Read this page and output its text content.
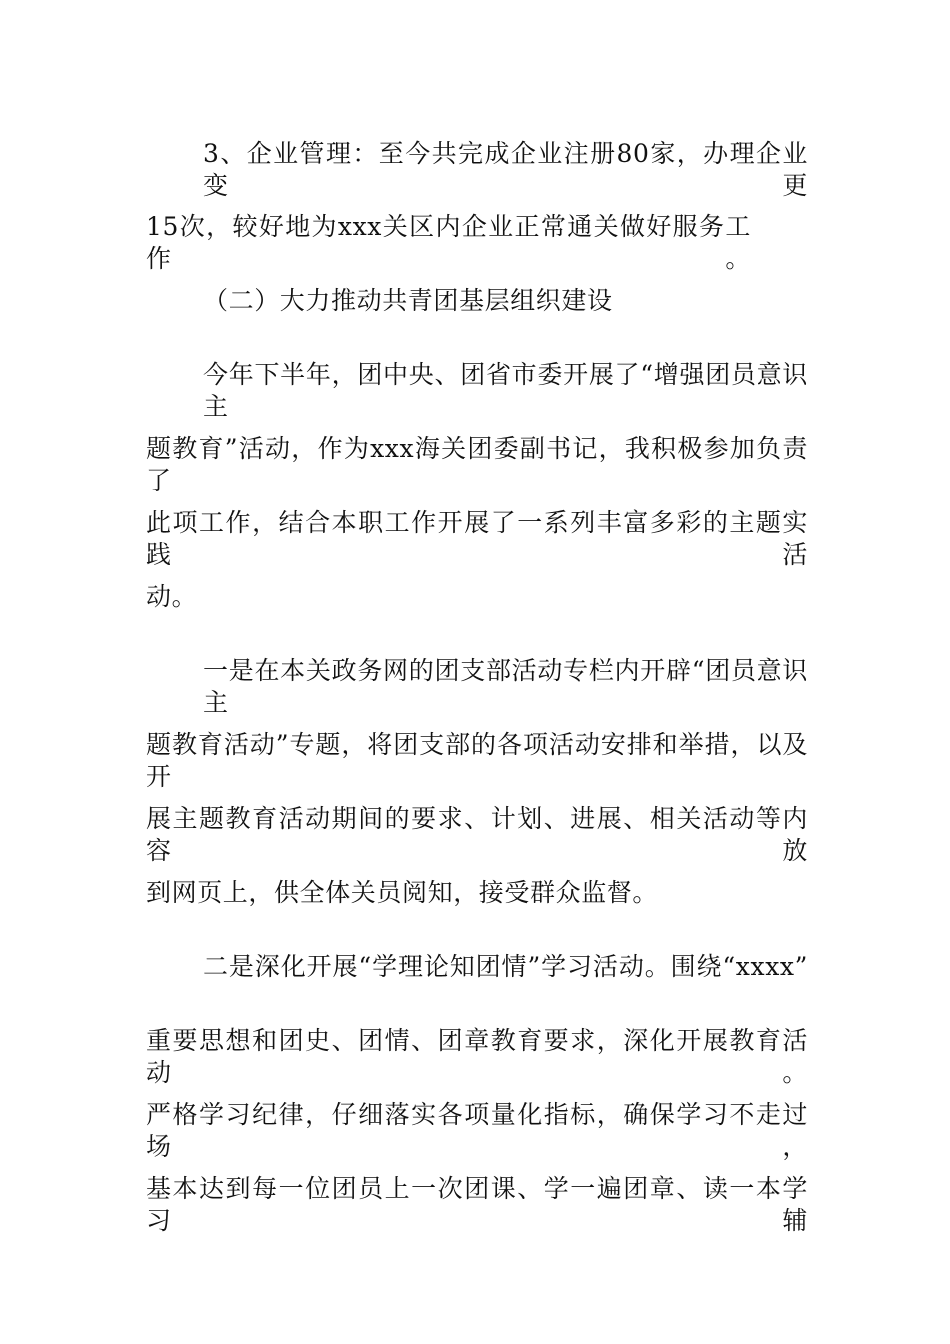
3、企业管理：至今共完成企业注册80家，办理企业变更
15次，较好地为xxx关区内企业正常通关做好服务工作。
（二）大力推动共青团基层组织建设
今年下半年，团中央、团省市委开展了“增强团员意识主
题教育”活动，作为xxx海关团委副书记，我积极参加负责了
此项工作，结合本职工作开展了一系列丰富多彩的主题实践活
动。
一是在本关政务网的团支部活动专栏内开辟“团员意识主
题教育活动”专题，将团支部的各项活动安排和举措，以及开
展主题教育活动期间的要求、计划、进展、相关活动等内容放
到网页上，供全体关员阅知，接受群众监督。
二是深化开展“学理论知团情”学习活动。围绕“xxxx”
重要思想和团史、团情、团章教育要求，深化开展教育活动。
严格学习纪律，仔细落实各项量化指标，确保学习不走过场，
基本达到每一位团员上一次团课、学一遍团章、读一本学习辅
